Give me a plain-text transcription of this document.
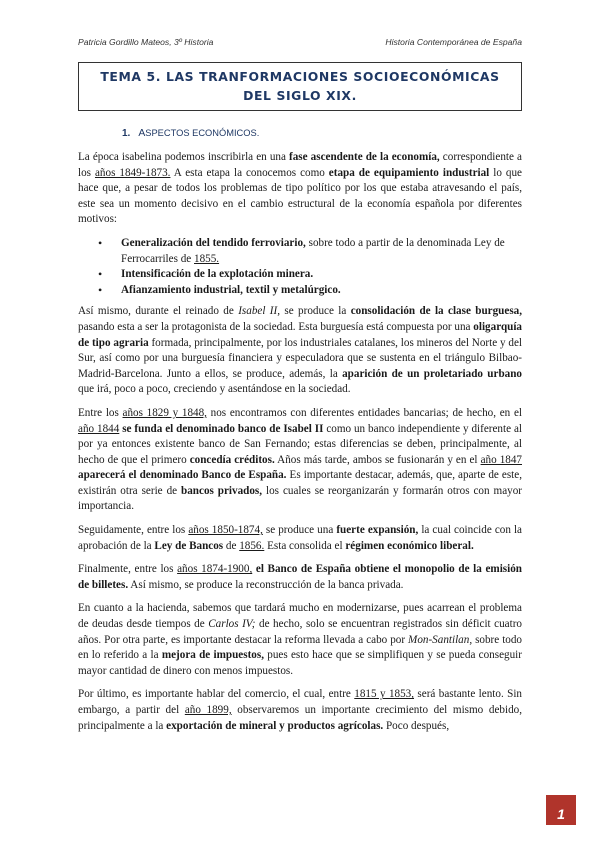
Patricia Gordillo Mateos, 3º Historia	Historia Contemporánea de España
TEMA 5. LAS TRANFORMACIONES SOCIOECONÓMICAS DEL SIGLO XIX.
1. ASPECTOS ECONÓMICOS.

La época isabelina podemos inscribirla en una fase ascendente de la economía, correspondiente a los años 1849-1873. A esta etapa la conocemos como etapa de equipamiento industrial lo que hace que, a pesar de todos los problemas de tipo político por los que estaba atravesando el país, este sea un momento decisivo en el cambio estructural de la economía española por diferentes motivos:

• Generalización del tendido ferroviario, sobre todo a partir de la denominada Ley de Ferrocarriles de 1855.
• Intensificación de la explotación minera.
• Afianzamiento industrial, textil y metalúrgico.

Así mismo, durante el reinado de Isabel II, se produce la consolidación de la clase burguesa, pasando esta a ser la protagonista de la sociedad. Esta burguesía está compuesta por una oligarquía de tipo agraria formada, principalmente, por los industriales catalanes, los mineros del Norte y del Sur, así como por una burguesía financiera y especuladora que se sustenta en el triángulo Bilbao-Madrid-Barcelona. Junto a ellos, se produce, además, la aparición de un proletariado urbano que irá, poco a poco, creciendo y asentándose en la sociedad.

Entre los años 1829 y 1848, nos encontramos con diferentes entidades bancarias; de hecho, en el año 1844 se funda el denominado banco de Isabel II como un banco independiente y diferente al por ya entonces existente banco de San Fernando; estas diferencias se deben, principalmente, al hecho de que el primero concedía créditos. Años más tarde, ambos se fusionarán y en el año 1847 aparecerá el denominado Banco de España. Es importante destacar, además, que, aparte de este, existirán otra serie de bancos privados, los cuales se reorganizarán y formarán otros con mayor importancia.

Seguidamente, entre los años 1850-1874, se produce una fuerte expansión, la cual coincide con la aprobación de la Ley de Bancos de 1856. Esta consolida el régimen económico liberal.

Finalmente, entre los años 1874-1900, el Banco de España obtiene el monopolio de la emisión de billetes. Así mismo, se produce la reconstrucción de la banca privada.

En cuanto a la hacienda, sabemos que tardará mucho en modernizarse, pues acarrean el problema de deudas desde tiempos de Carlos IV; de hecho, solo se encuentran registrados sin déficit cuatro años. Por otra parte, es importante destacar la reforma llevada a cabo por Mon-Santilan, sobre todo en lo referido a la mejora de impuestos, pues esto hace que se simplifiquen y se pueda conseguir mayor cantidad de dinero con menos impuestos.

Por último, es importante hablar del comercio, el cual, entre 1815 y 1853, será bastante lento. Sin embargo, a partir del año 1899, observaremos un importante crecimiento del mismo debido, principalmente a la exportación de mineral y productos agrícolas. Poco después,

1
